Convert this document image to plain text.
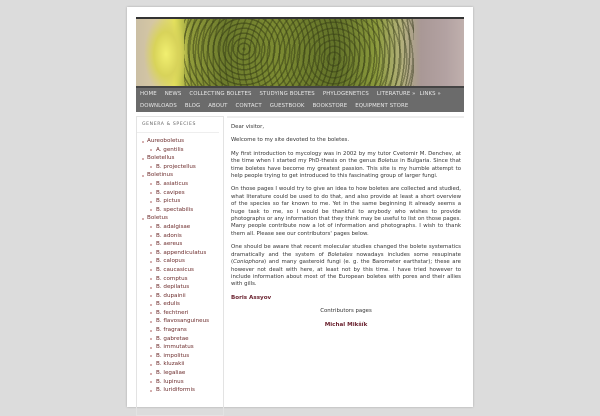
HOME NEWS COLLECTING BOLETES STUDYING BOLETES PHYLOGENETICS LITERATURE » LINKS »
DOWNLOADS BLOG ABOUT CONTACT GUESTBOOK BOOKSTORE EQUIPMENT STORE
GENERA & SPECIES
Aureoboletus
A. gentilis
Boletellus
B. projectellus
Boletinus
B. asiaticus
B. cavipes
B. pictus
B. spectabilis
Boletus
B. adalgisae
B. adonis
B. aereus
B. appendiculatus
B. calopus
B. caucasicus
B. comptus
B. depilatus
B. dupainii
B. edulis
B. fechtneri
B. flavosanguineus
B. fragrans
B. gabretae
B. immutatus
B. impolitus
B. kluzakii
B. legaliae
B. lupinus
B. luridiformis

Dear visitor,

Welcome to my site devoted to the boletes.

My first introduction to mycology was in 2002 by my tutor Cvetomir M. Denchev, at the time when I started my PhD-thesis on the genus Boletus in Bulgaria. Since that time boletes have become my greatest passion. This site is my humble attempt to help people trying to get introduced to this fascinating group of larger fungi.

On those pages I would try to give an idea to how boletes are collected and studied, what literature could be used to do that, and also provide at least a short overview of the species so far known to me. Yet in the same beginning it already seems a huge task to me, so I would be thankful to anybody who wishes to provide photographs or any information that they think may be useful to list on those pages. Many people contribute now a lot of information and photographs. I wish to thank them all. Please see our contributors' pages below.

One should be aware that recent molecular studies changed the bolete systematics dramatically and the system of Boletales nowadays includes some resupinate (Coniophora) and many gasteroid fungi (e. g. the Barometer earthstar); these are however not dealt with here, at least not by this time. I have tried however to include information about most of the European boletes with pores and their allies with gills.

Boris Assyov

Contributors pages

Michal Mikšík
